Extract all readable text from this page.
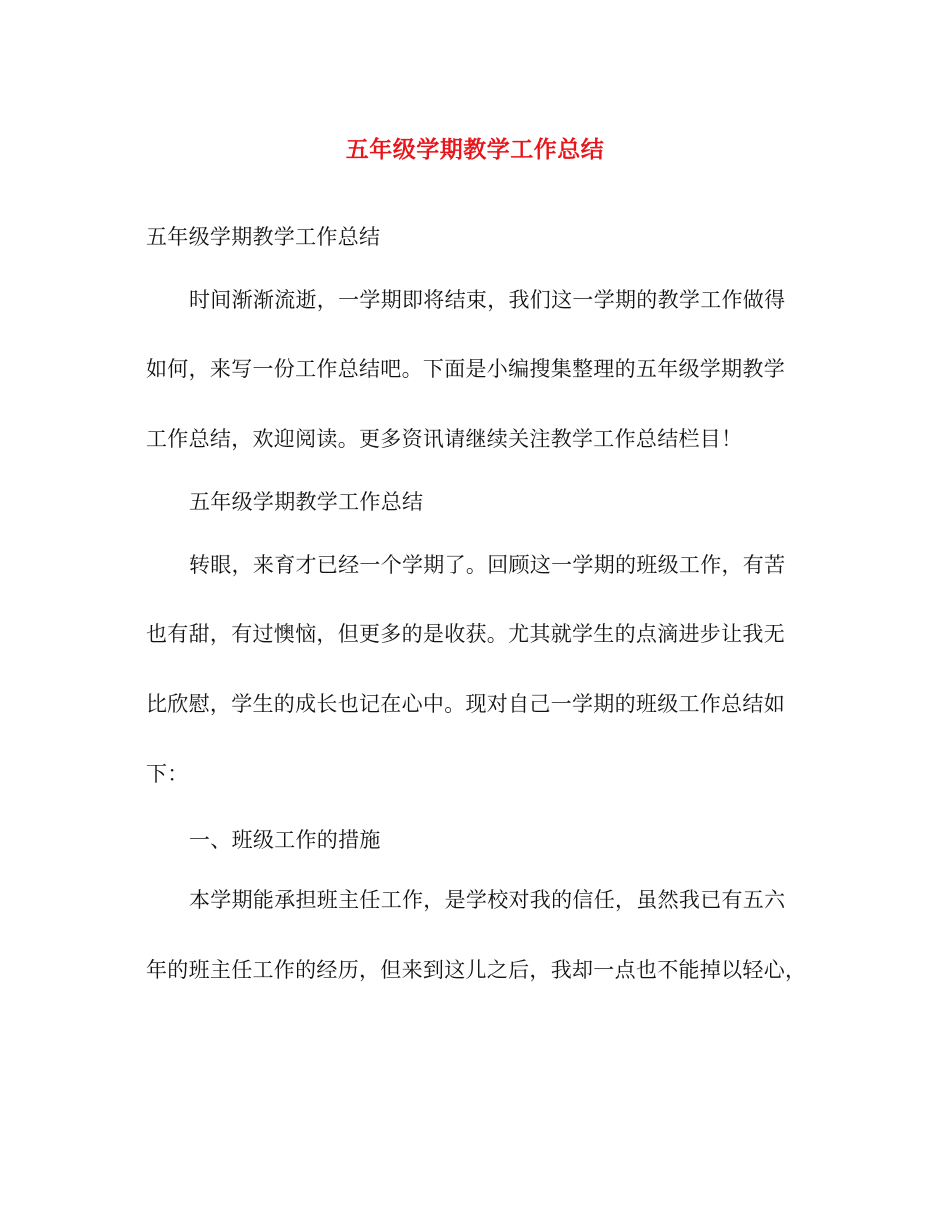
五年级学期教学工作总结
五年级学期教学工作总结
时间渐渐流逝，一学期即将结束，我们这一学期的教学工作做得
如何，来写一份工作总结吧。下面是小编搜集整理的五年级学期教学
工作总结，欢迎阅读。更多资讯请继续关注教学工作总结栏目！
五年级学期教学工作总结
转眼，来育才已经一个学期了。回顾这一学期的班级工作，有苦
也有甜，有过懊恼，但更多的是收获。尤其就学生的点滴进步让我无
比欣慰，学生的成长也记在心中。现对自己一学期的班级工作总结如
下：
一、班级工作的措施
本学期能承担班主任工作，是学校对我的信任，虽然我已有五六
年的班主任工作的经历，但来到这儿之后，我却一点也不能掉以轻心，
